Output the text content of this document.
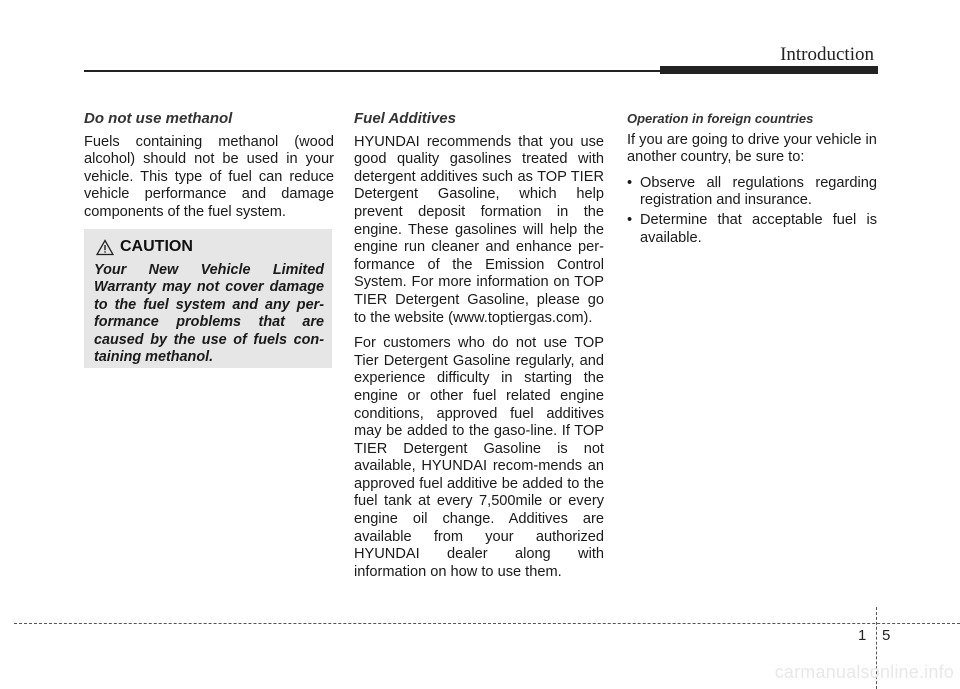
Introduction
Do not use methanol

Fuels containing methanol (wood alcohol) should not be used in your vehicle. This type of fuel can reduce vehicle performance and damage components of the fuel system.

CAUTION

Your New Vehicle Limited Warranty may not cover damage to the fuel system and any per-formance problems that are caused by the use of fuels con-taining methanol.

Fuel Additives

HYUNDAI recommends that you use good quality gasolines treated with detergent additives such as TOP TIER Detergent Gasoline, which help prevent deposit formation in the engine. These gasolines will help the engine run cleaner and enhance per-formance of the Emission Control System. For more information on TOP TIER Detergent Gasoline, please go to the website (www.toptiergas.com).

For customers who do not use TOP Tier Detergent Gasoline regularly, and experience difficulty in starting the engine or other fuel related engine conditions, approved fuel additives may be added to the gaso-line. If TOP TIER Detergent Gasoline is not available, HYUNDAI recom-mends an approved fuel additive be added to the fuel tank at every 7,500mile or every engine oil change. Additives are available from your authorized HYUNDAI dealer along with information on how to use them.

Operation in foreign countries

If you are going to drive your vehicle in another country, be sure to:

• Observe all regulations regarding registration and insurance.
• Determine that acceptable fuel is available.
1 5
carmanualsonline.info
